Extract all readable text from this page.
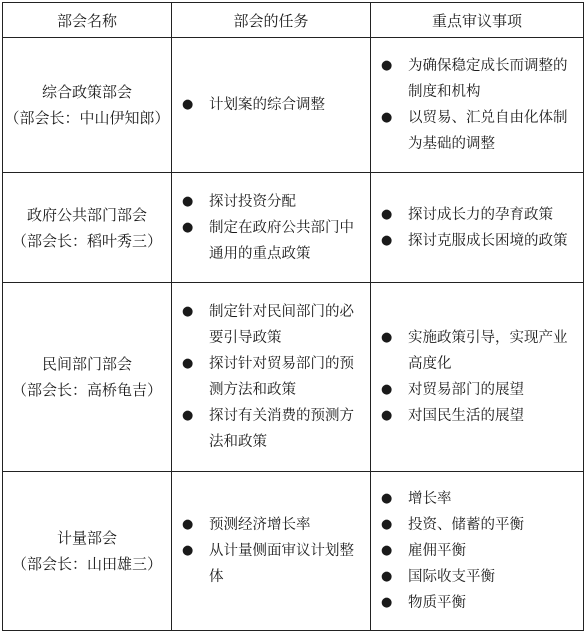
部会名称	部会的任务	重点审议事项
综合政策部会
（部会长：中山伊知郎）
● 计划案的综合调整
● 为确保稳定成长而调整的制度和机构
● 以贸易、汇兑自由化体制为基础的调整
政府公共部门部会
（部会长：稻叶秀三）
● 探讨投资分配
● 制定在政府公共部门中通用的重点政策
● 探讨成长力的孕育政策
● 探讨克服成长困境的政策
民间部门部会
（部会长：高桥龟吉）
● 制定针对民间部门的必要引导政策
● 探讨针对贸易部门的预测方法和政策
● 探讨有关消费的预测方法和政策
● 实施政策引导，实现产业高度化
● 对贸易部门的展望
● 对国民生活的展望
计量部会
（部会长：山田雄三）
● 预测经济增长率
● 从计量侧面审议计划整体
● 增长率
● 投资、储蓄的平衡
● 雇佣平衡
● 国际收支平衡
● 物质平衡
